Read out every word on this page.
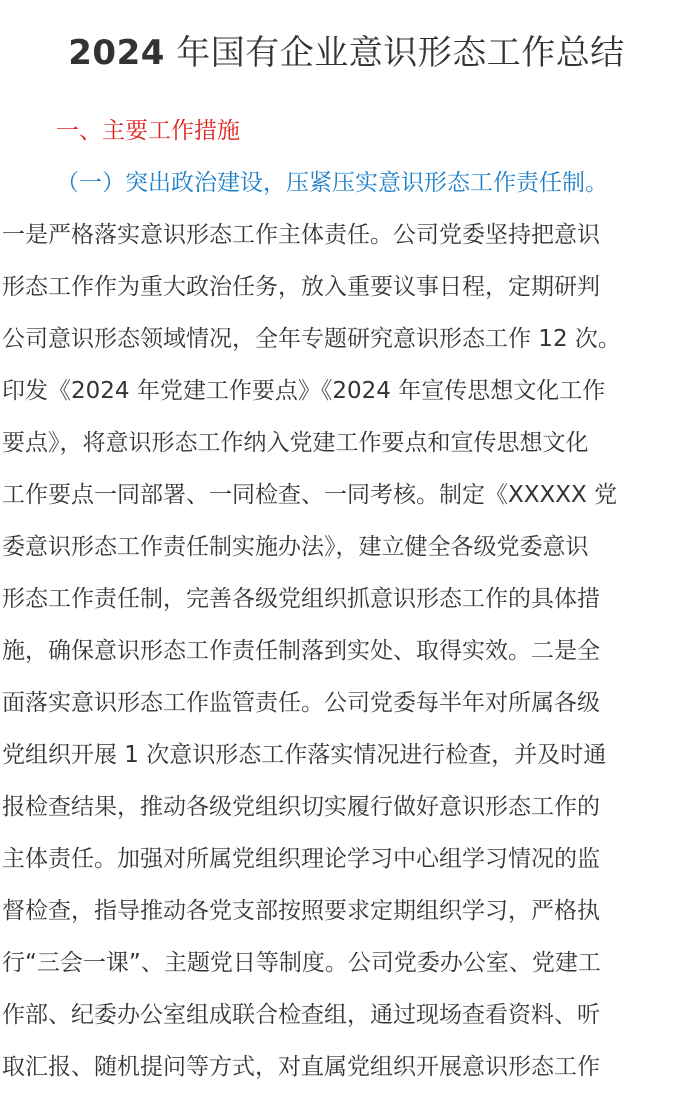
2024 年国有企业意识形态工作总结
一、主要工作措施
（一）突出政治建设，压紧压实意识形态工作责任制。
一是严格落实意识形态工作主体责任。公司党委坚持把意识
形态工作作为重大政治任务，放入重要议事日程，定期研判
公司意识形态领域情况，全年专题研究意识形态工作 12 次。
印发《2024 年党建工作要点》《2024 年宣传思想文化工作
要点》，将意识形态工作纳入党建工作要点和宣传思想文化
工作要点一同部署、一同检查、一同考核。制定《XXXXX 党
委意识形态工作责任制实施办法》，建立健全各级党委意识
形态工作责任制，完善各级党组织抓意识形态工作的具体措
施，确保意识形态工作责任制落到实处、取得实效。二是全
面落实意识形态工作监管责任。公司党委每半年对所属各级
党组织开展 1 次意识形态工作落实情况进行检查，并及时通
报检查结果，推动各级党组织切实履行做好意识形态工作的
主体责任。加强对所属党组织理论学习中心组学习情况的监
督检查，指导推动各党支部按照要求定期组织学习，严格执
行“三会一课”、主题党日等制度。公司党委办公室、党建工
作部、纪委办公室组成联合检查组，通过现场查看资料、听
取汇报、随机提问等方式，对直属党组织开展意识形态工作
